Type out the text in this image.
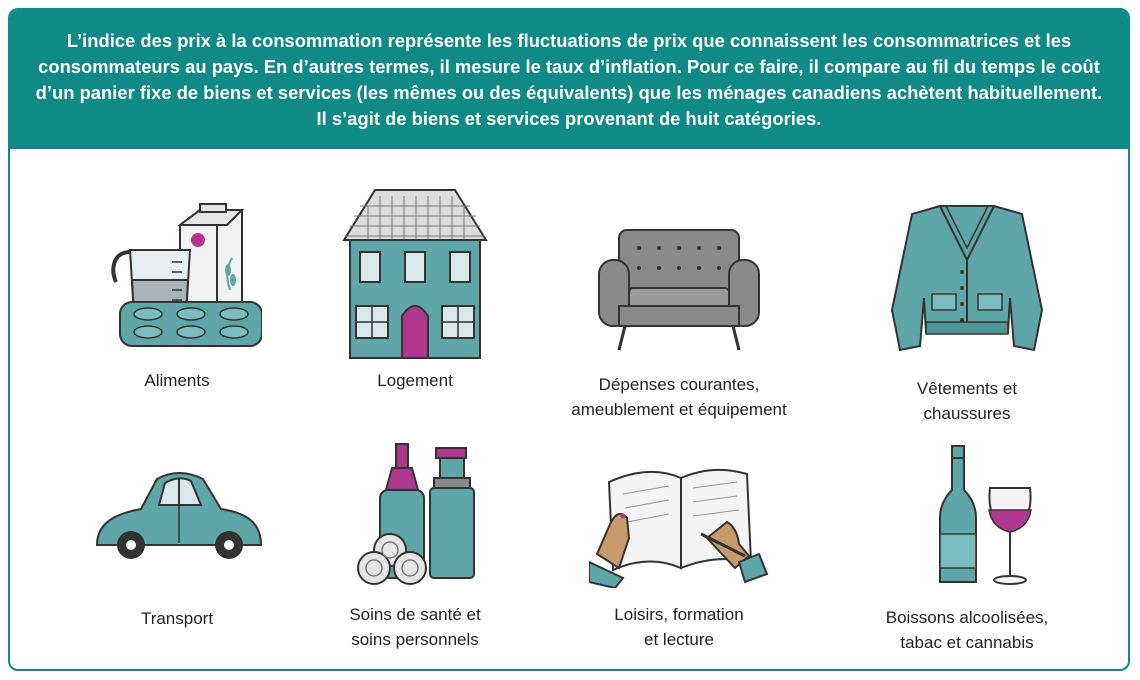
L’indice des prix à la consommation représente les fluctuations de prix que connaissent les consommatrices et les consommateurs au pays. En d’autres termes, il mesure le taux d’inflation. Pour ce faire, il compare au fil du temps le coût d’un panier fixe de biens et services (les mêmes ou des équivalents) que les ménages canadiens achètent habituellement. Il s’agit de biens et services provenant de huit catégories.

Aliments	Logement	Dépenses courantes,
ameublement et équipement
Vêtements et
chaussures
Transport	Soins de santé et
soins personnels
Loisirs, formation
et lecture
Boissons alcoolisées,
tabac et cannabis
